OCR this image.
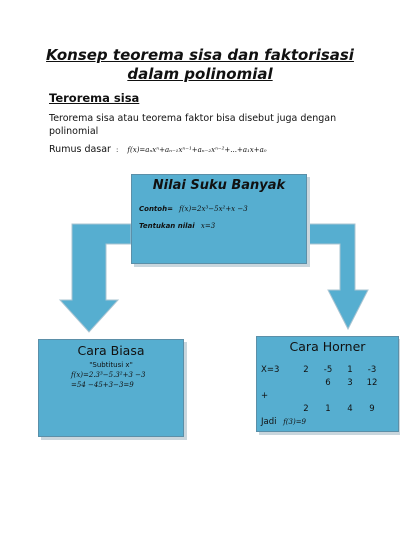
Konsep teorema sisa dan faktorisasi
dalam polinomial
Terorema sisa
Terorema sisa atau teorema faktor bisa disebut juga dengan polinomial
Rumus dasar : f(x)=aₙxⁿ+aₙ₋₁xⁿ⁻¹+aₙ₋₂xⁿ⁻²+...+a₁x+a₀
Nilai Suku Banyak
Contoh= f(x)=2x³−5x²+x −3
Tentukan nilai x=3
Cara Biasa
"Subtitusi x"
f(x)=2.3³−5.3²+3 −3
=54 −45+3−3=9
Cara Horner
X=3	2	-5	1	-3
		6	3	12
+				
	2	1	4	9
Jadi f(3)=9
